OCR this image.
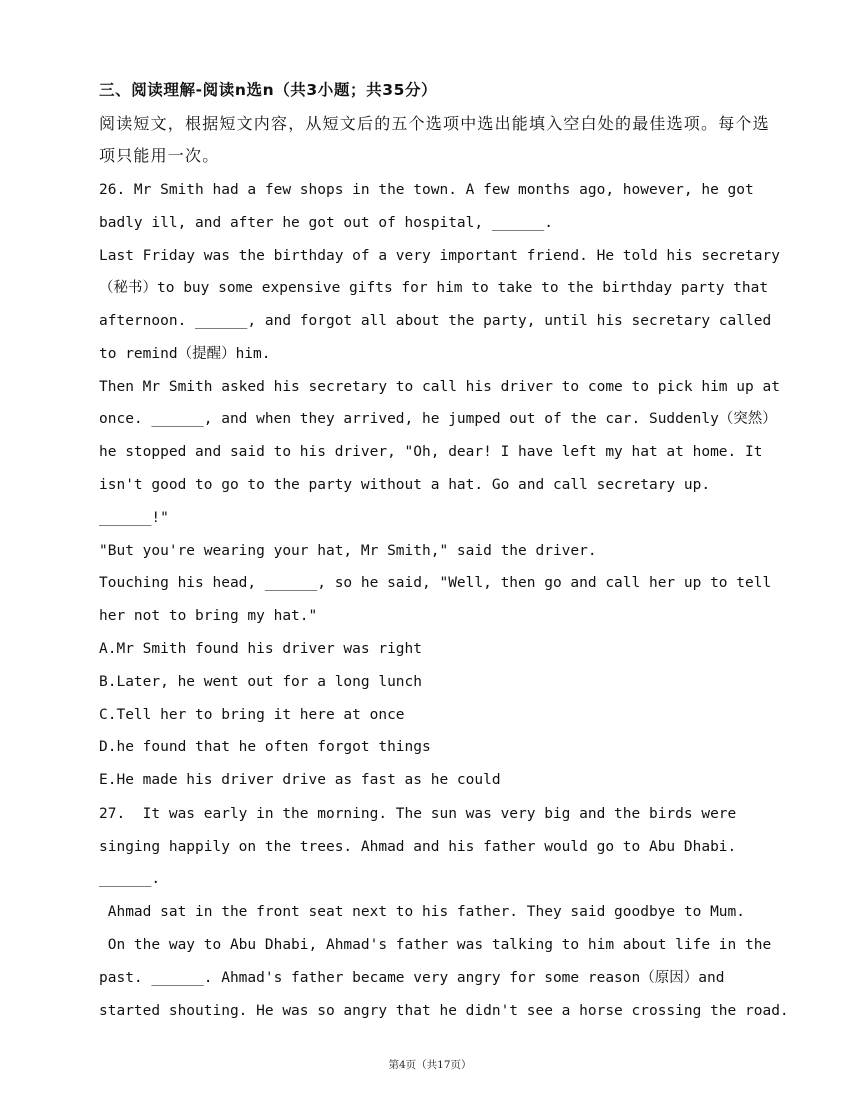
三、阅读理解-阅读n选n（共3小题；共35分）
阅读短文，根据短文内容，从短文后的五个选项中选出能填入空白处的最佳选项。每个选
项只能用一次。
26. Mr Smith had a few shops in the town. A few months ago, however, he got
badly ill, and after he got out of hospital, ______.
Last Friday was the birthday of a very important friend. He told his secretary
（秘书）to buy some expensive gifts for him to take to the birthday party that
afternoon. ______, and forgot all about the party, until his secretary called
to remind（提醒）him.
Then Mr Smith asked his secretary to call his driver to come to pick him up at
once. ______, and when they arrived, he jumped out of the car. Suddenly（突然）
he stopped and said to his driver, "Oh, dear! I have left my hat at home. It
isn't good to go to the party without a hat. Go and call secretary up.
______!"
"But you're wearing your hat, Mr Smith," said the driver.
Touching his head, ______, so he said, "Well, then go and call her up to tell
her not to bring my hat."
A.Mr Smith found his driver was right
B.Later, he went out for a long lunch
C.Tell her to bring it here at once
D.he found that he often forgot things
E.He made his driver drive as fast as he could
27.  It was early in the morning. The sun was very big and the birds were
singing happily on the trees. Ahmad and his father would go to Abu Dhabi.
______.
Ahmad sat in the front seat next to his father. They said goodbye to Mum.
On the way to Abu Dhabi, Ahmad's father was talking to him about life in the
past. ______. Ahmad's father became very angry for some reason（原因）and
started shouting. He was so angry that he didn't see a horse crossing the road.
第4页（共17页）
